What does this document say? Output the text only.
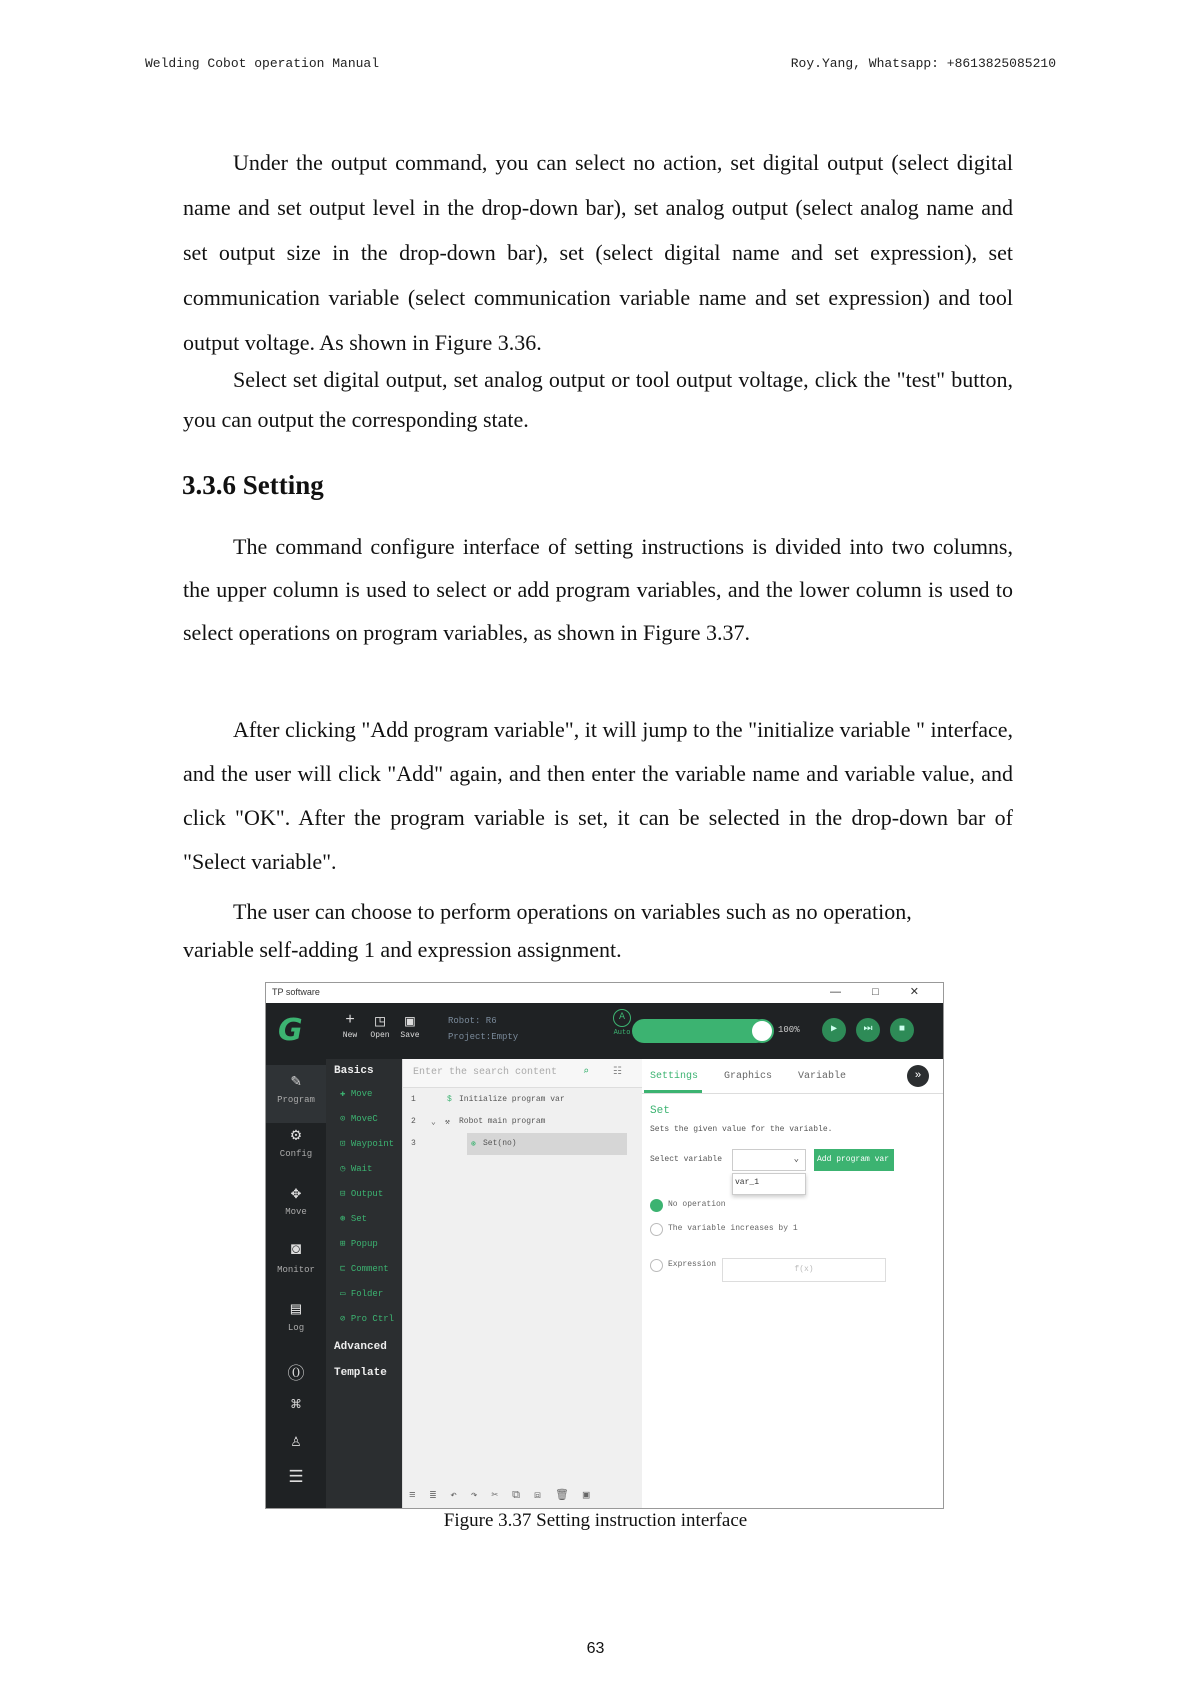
Welding Cobot operation Manual	Roy.Yang, Whatsapp: +8613825085210

Under the output command, you can select no action, set digital output (select digital name and set output level in the drop-down bar), set analog output (select analog name and set output size in the drop-down bar), set (select digital name and set expression), set communication variable (select communication variable name and set expression) and tool output voltage. As shown in Figure 3.36.

Select set digital output, set analog output or tool output voltage, click the "test" button, you can output the corresponding state.

3.3.6 Setting

The command configure interface of setting instructions is divided into two columns, the upper column is used to select or add program variables, and the lower column is used to select operations on program variables, as shown in Figure 3.37.

After clicking "Add program variable", it will jump to the "initialize variable " interface, and the user will click "Add" again, and then enter the variable name and variable value, and click "OK". After the program variable is set, it can be selected in the drop-down bar of "Select variable".

The user can choose to perform operations on variables such as no operation, variable self-adding 1 and expression assignment.

TP software	— □ ✕
G	+
New
◳
Open
▣
Save
Robot: R6
Project:Empty
A
Auto	100%	▶	⏭	■
✎
Program
⚙
Config
✥
Move
◙
Monitor
▤
Log
⓪
⌘
♙
☰
Basics
✚ Move
⊙ MoveC
⊡ Waypoint
◷ Wait
⊟ Output
⊛ Set
⊞ Popup
⊏ Comment
▭ Folder
⊘ Pro Ctrl
Advanced
Template
Enter the search content	⌕ ☷
1	$ Initialize program var
2 ⌄ ⚒ Robot main program
3	⊛ Set(no)
≡≣↶↷✂⧉⧈🗑▣
Settings	Graphics	Variable	»
Set
Sets the given value for the variable.
Select variable	⌄	Add program var
var_1
No operation
The variable increases by 1
Expression
f(x)
Figure 3.37 Setting instruction interface
63
